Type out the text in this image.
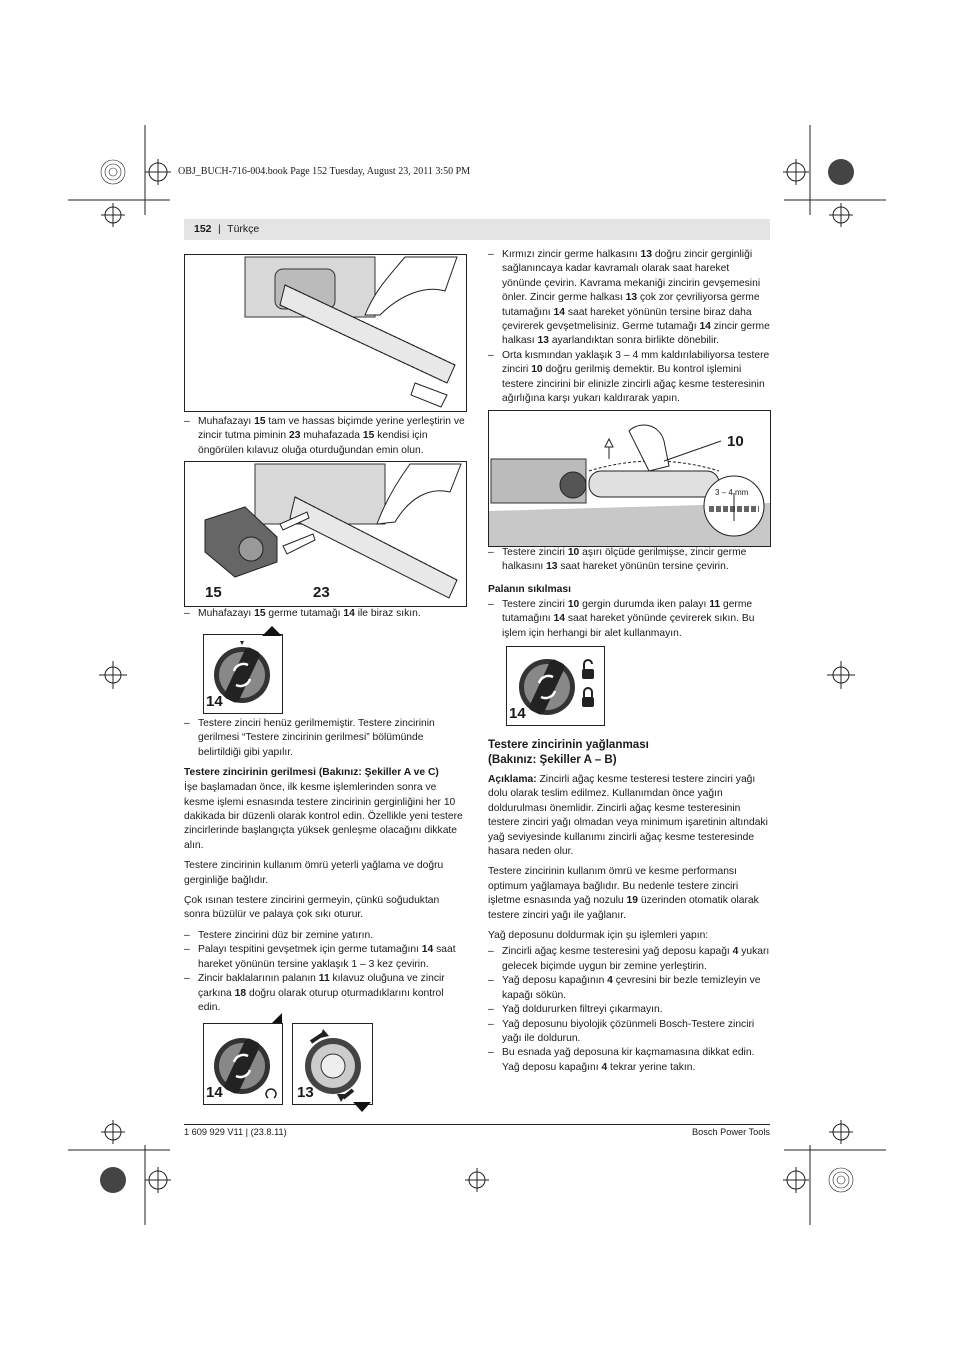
OBJ_BUCH-716-004.book Page 152 Tuesday, August 23, 2011 3:50 PM
152 | Türkçe

– Muhafazayı 15 tam ve hassas biçimde yerine yerleştirin ve zincir tutma piminin 23 muhafazada 15 kendisi için öngörülen kılavuz oluğa oturduğundan emin olun.

15	23

– Muhafazayı 15 germe tutamağı 14 ile biraz sıkın.

14

– Testere zinciri henüz gerilmemiştir. Testere zincirinin gerilmesi “Testere zincirinin gerilmesi” bölümünde belirtildiği gibi yapılır.

Testere zincirinin gerilmesi (Bakınız: Şekiller A ve C)

İşe başlamadan önce, ilk kesme işlemlerinden sonra ve kesme işlemi esnasında testere zincirinin gerginliğini her 10 dakikada bir düzenli olarak kontrol edin. Özellikle yeni testere zincirlerinde başlangıçta yüksek genleşme olacağını dikkate alın.

Testere zincirinin kullanım ömrü yeterli yağlama ve doğru gerginliğe bağlıdır.

Çok ısınan testere zincirini germeyin, çünkü soğuduktan sonra büzülür ve palaya çok sıkı oturur.

– Testere zincirini düz bir zemine yatırın.

– Palayı tespitini gevşetmek için germe tutamağını 14 saat hareket yönünün tersine yaklaşık 1 – 3 kez çevirin.

– Zincir baklalarının palanın 11 kılavuz oluğuna ve zincir çarkına 18 doğru olarak oturup oturmadıklarını kontrol edin.

14	13

– Kırmızı zincir germe halkasını 13 doğru zincir gerginliği sağlanıncaya kadar kavramalı olarak saat hareket yönünde çevirin. Kavrama mekaniği zincirin gevşemesini önler. Zincir germe halkası 13 çok zor çevriliyorsa germe tutamağını 14 saat hareket yönünün tersine biraz daha çevirerek gevşetmelisiniz. Germe tutamağı 14 zincir germe halkası 13 ayarlandıktan sonra birlikte dönebilir.

– Orta kısmından yaklaşık 3 – 4 mm kaldırılabiliyorsa testere zinciri 10 doğru gerilmiş demektir. Bu kontrol işlemini testere zincirini bir elinizle zincirli ağaç kesme testeresinin ağırlığına karşı yukarı kaldırarak yapın.

10
3 – 4 mm

– Testere zinciri 10 aşırı ölçüde gerilmişse, zincir germe halkasını 13 saat hareket yönünün tersine çevirin.

Palanın sıkılması

– Testere zinciri 10 gergin durumda iken palayı 11 germe tutamağını 14 saat hareket yönünde çevirerek sıkın. Bu işlem için herhangi bir alet kullanmayın.

14
Testere zincirinin yağlanması
(Bakınız: Şekiller A – B)

Açıklama: Zincirli ağaç kesme testeresi testere zinciri yağı dolu olarak teslim edilmez. Kullanımdan önce yağın doldurulması önemlidir. Zincirli ağaç kesme testeresinin testere zinciri yağı olmadan veya minimum işaretinin altındaki yağ seviyesinde kullanımı zincirli ağaç kesme testeresinde hasara neden olur.

Testere zincirinin kullanım ömrü ve kesme performansı optimum yağlamaya bağlıdır. Bu nedenle testere zinciri işletme esnasında yağ nozulu 19 üzerinden otomatik olarak testere zinciri yağı ile yağlanır.

Yağ deposunu doldurmak için şu işlemleri yapın:

– Zincirli ağaç kesme testeresini yağ deposu kapağı 4 yukarı gelecek biçimde uygun bir zemine yerleştirin.

– Yağ deposu kapağının 4 çevresini bir bezle temizleyin ve kapağı sökün.

– Yağ doldururken filtreyi çıkarmayın.

– Yağ deposunu biyolojik çözünmeli Bosch-Testere zinciri yağı ile doldurun.

– Bu esnada yağ deposuna kir kaçmamasına dikkat edin. Yağ deposu kapağını 4 tekrar yerine takın.

1 609 929 V11 | (23.8.11)	Bosch Power Tools
